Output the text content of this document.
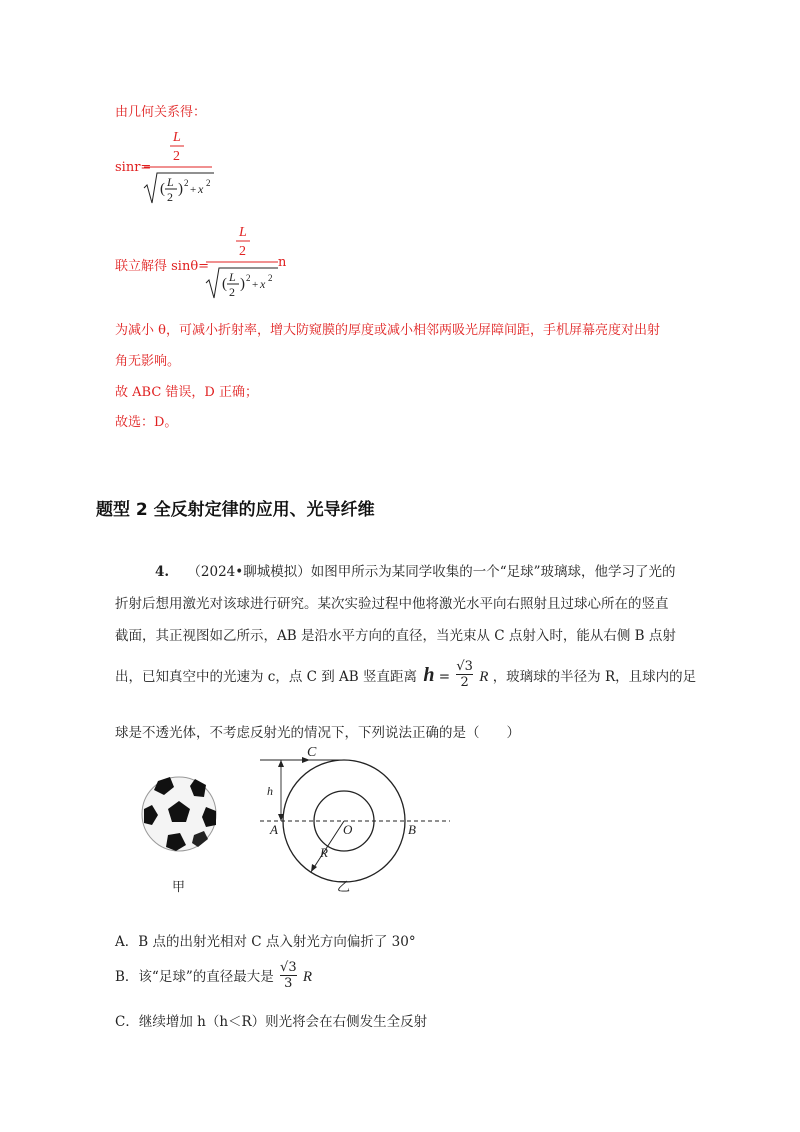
由几何关系得：
sinr=
L
2
( L
2 ) 2
+ x 2
联立解得 sinθ=
L
2
( L
2 ) 2
+ x 2
n
为减小 θ，可减小折射率，增大防窥膜的厚度或减小相邻两吸光屏障间距，手机屏幕亮度对出射
角无影响。
故 ABC 错误，D 正确；
故选：D。
题型 2 全反射定律的应用、光导纤维
4. （2024•聊城模拟）如图甲所示为某同学收集的一个“足球”玻璃球，他学习了光的
折射后想用激光对该球进行研究。某次实验过程中他将激光水平向右照射且过球心所在的竖直
截面，其正视图如乙所示，AB 是沿水平方向的直径，当光束从 C 点射入时，能从右侧 B 点射
出，已知真空中的光速为 c，点 C 到 AB 竖直距离 $h = \frac{√3}{2}$ R ，玻璃球的半径为 R，且球内的足
球是不透光体，不考虑反射光的情况下，下列说法正确的是（　　）
甲
C
h
A	O	B
R
乙
A．B 点的出射光相对 C 点入射光方向偏折了 30°
B．该“足球”的直径最大是 $\frac{√3}{3}$ R
C．继续增加 h（h＜R）则光将会在右侧发生全反射
